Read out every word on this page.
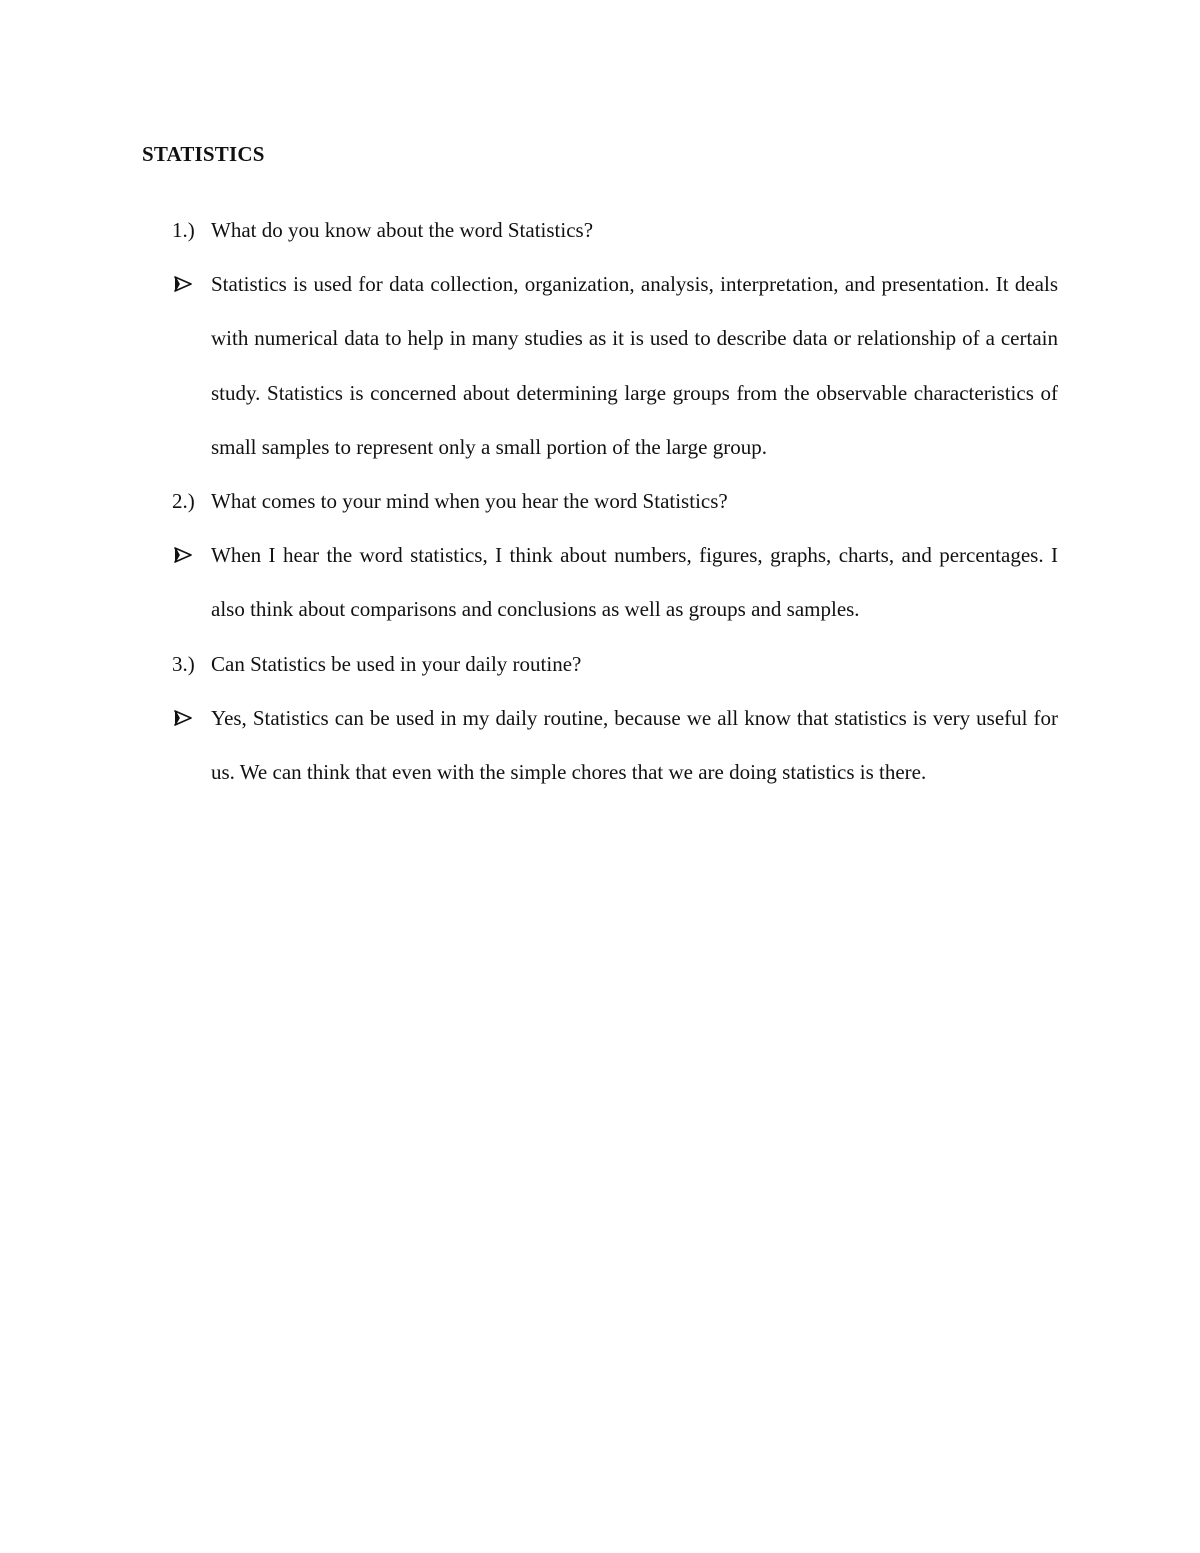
STATISTICS
1.) What do you know about the word Statistics?
Statistics is used for data collection, organization, analysis, interpretation, and presentation. It deals with numerical data to help in many studies as it is used to describe data or relationship of a certain study. Statistics is concerned about determining large groups from the observable characteristics of small samples to represent only a small portion of the large group.
2.) What comes to your mind when you hear the word Statistics?
When I hear the word statistics, I think about numbers, figures, graphs, charts, and percentages. I also think about comparisons and conclusions as well as groups and samples.
3.) Can Statistics be used in your daily routine?
Yes, Statistics can be used in my daily routine, because we all know that statistics is very useful for us. We can think that even with the simple chores that we are doing statistics is there.
